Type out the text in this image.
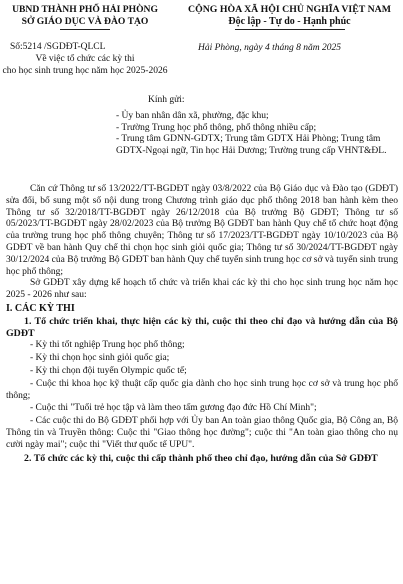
UBND THÀNH PHỐ HẢI PHÒNG
SỞ GIÁO DỤC VÀ ĐÀO TẠO
CỘNG HÒA XÃ HỘI CHỦ NGHĨA VIỆT NAM
Độc lập - Tự do - Hạnh phúc
Số:5214 /SGDĐT-QLCL
Về việc tổ chức các kỳ thi
cho học sinh trung học năm học 2025-2026
Hải Phòng, ngày 4 tháng 8 năm 2025
Kính gửi:
- Ủy ban nhân dân xã, phường, đặc khu;
- Trường Trung học phổ thông, phổ thông nhiều cấp;
- Trung tâm GDNN-GDTX; Trung tâm GDTX Hải Phòng; Trung tâm GDTX-Ngoại ngữ, Tin học Hải Dương; Trường trung cấp VHNT&ĐL.

Căn cứ Thông tư số 13/2022/TT-BGDĐT ngày 03/8/2022 của Bộ Giáo dục và Đào tạo (GDĐT) sửa đổi, bổ sung một số nội dung trong Chương trình giáo dục phổ thông 2018 ban hành kèm theo Thông tư số 32/2018/TT-BGDĐT ngày 26/12/2018 của Bộ trưởng Bộ GDĐT; Thông tư số 05/2023/TT-BGDĐT ngày 28/02/2023 của Bộ trưởng Bộ GDĐT ban hành Quy chế tổ chức hoạt động của trường trung học phổ thông chuyên; Thông tư số 17/2023/TT-BGDĐT ngày 10/10/2023 của Bộ GDĐT về ban hành Quy chế thi chọn học sinh giỏi quốc gia; Thông tư số 30/2024/TT-BGDĐT ngày 30/12/2024 của Bộ trưởng Bộ GDĐT ban hành Quy chế tuyển sinh trung học cơ sở và tuyển sinh trung học phổ thông;

Sở GDĐT xây dựng kế hoạch tổ chức và triển khai các kỳ thi cho học sinh trung học năm học 2025 - 2026 như sau:

I. CÁC KỲ THI

1. Tổ chức triển khai, thực hiện các kỳ thi, cuộc thi theo chỉ đạo và hướng dẫn của Bộ GDĐT

- Kỳ thi tốt nghiệp Trung học phổ thông;

- Kỳ thi chọn học sinh giỏi quốc gia;

- Kỳ thi chọn đội tuyển Olympic quốc tế;

- Cuộc thi khoa học kỹ thuật cấp quốc gia dành cho học sinh trung học cơ sở và trung học phổ thông;

- Cuộc thi "Tuổi trẻ học tập và làm theo tấm gương đạo đức Hồ Chí Minh";

- Các cuộc thi do Bộ GDĐT phối hợp với Ủy ban An toàn giao thông Quốc gia, Bộ Công an, Bộ Thông tin và Truyền thông: Cuộc thi "Giao thông học đường"; cuộc thi "An toàn giao thông cho nụ cười ngày mai"; cuộc thi "Viết thư quốc tế UPU".

2. Tổ chức các kỳ thi, cuộc thi cấp thành phố theo chỉ đạo, hướng dẫn của Sở GDĐT
